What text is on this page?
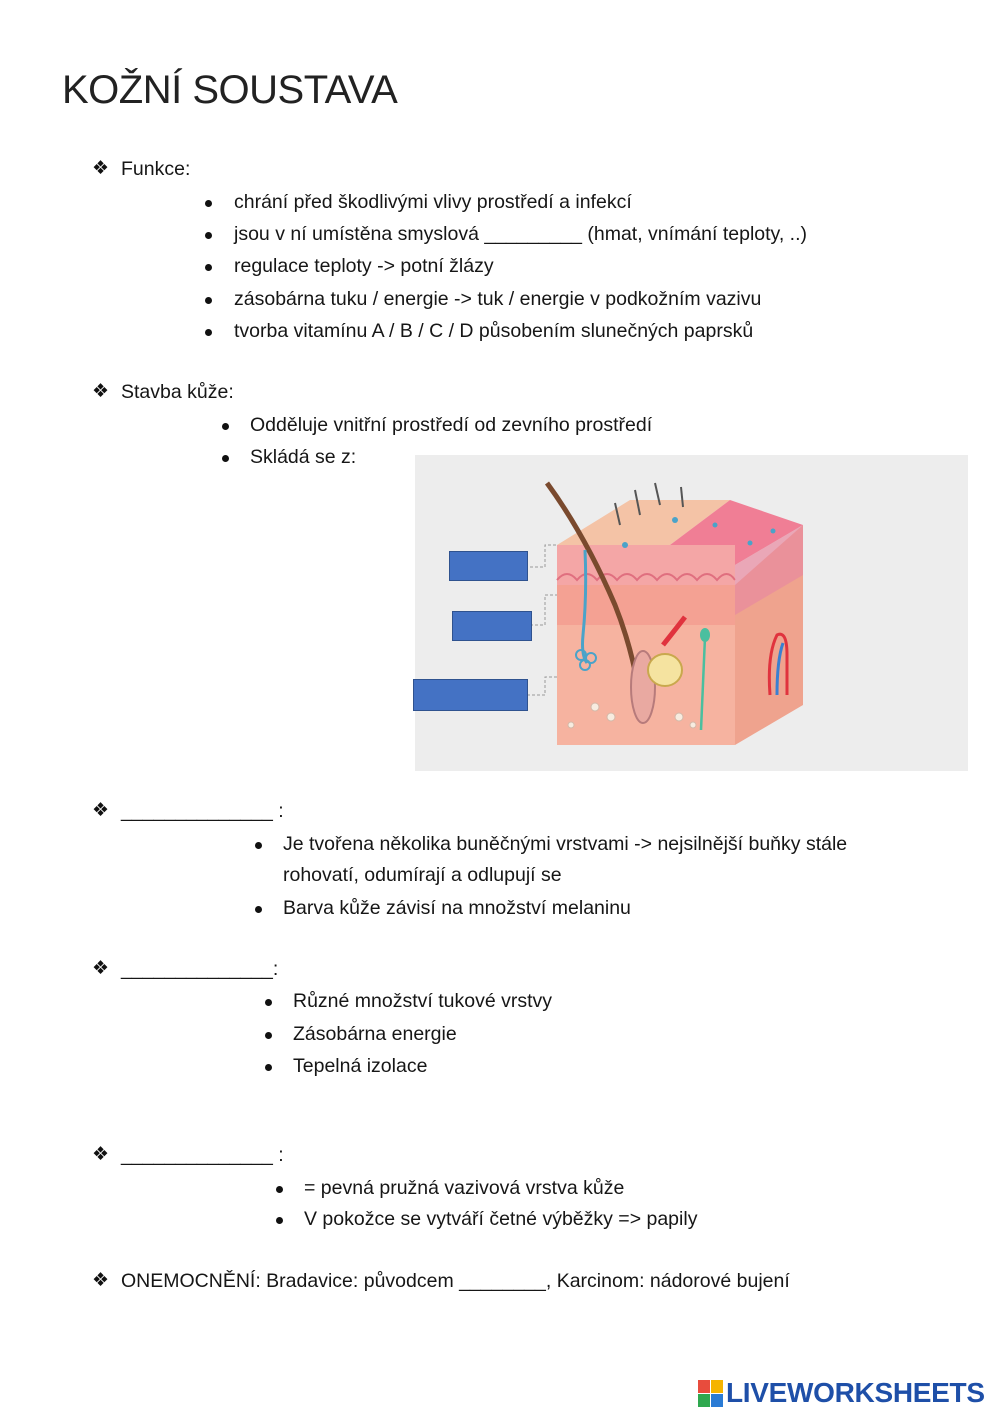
KOŽNÍ SOUSTAVA
❖ Funkce:
chrání před škodlivými vlivy prostředí a infekcí
jsou v ní umístěna smyslová _________ (hmat, vnímání teploty, ..)
regulace teploty -> potní žlázy
zásobárna tuku / energie -> tuk / energie v podkožním vazivu
tvorba vitamínu A / B / C / D působením slunečných paprsků
❖ Stavba kůže:
Odděluje vnitřní prostředí od zevního prostředí
Skládá se z:
❖ ______________ :
Je tvořena několika buněčnými vrstvami -> nejsilnější buňky stále
rohovatí, odumírají a odlupují se
Barva kůže závisí na množství melaninu
❖ ______________:
Různé množství tukové vrstvy
Zásobárna energie
Tepelná izolace
❖ ______________ :
= pevná pružná vazivová vrstva kůže
V pokožce se vytváří četné výběžky => papily
❖ ONEMOCNĚNÍ: Bradavice: původcem ________, Karcinom: nádorové bujení
LIVEWORKSHEETS
